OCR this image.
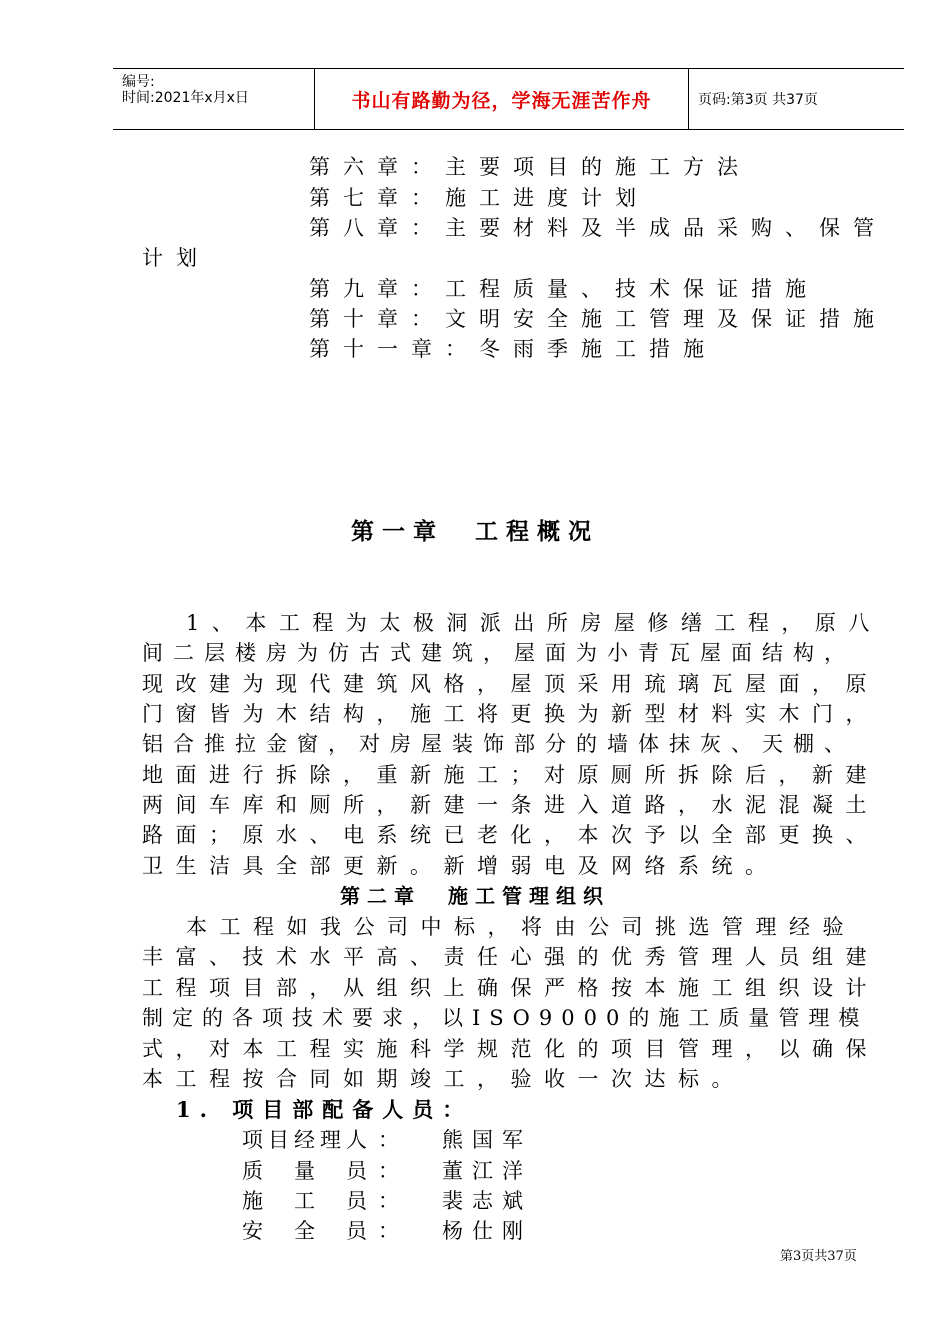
编号:
时间:2021年x月x日	书山有路勤为径，学海无涯苦作舟	页码:第3页 共37页
第六章：主要项目的施工方法
第七章：施工进度计划
第八章：主要材料及半成品采购、保管
计划
第九章：工程质量、技术保证措施
第十章：文明安全施工管理及保证措施
第十一章：冬雨季施工措施
第一章　工程概况
1、本工程为太极洞派出所房屋修缮工程，原八
间二层楼房为仿古式建筑，屋面为小青瓦屋面结构，
现改建为现代建筑风格，屋顶采用琉璃瓦屋面，原
门窗皆为木结构，施工将更换为新型材料实木门，
铝合推拉金窗，对房屋装饰部分的墙体抹灰、天棚、
地面进行拆除，重新施工；对原厕所拆除后，新建
两间车库和厕所，新建一条进入道路，水泥混凝土
路面；原水、电系统已老化，本次予以全部更换、
卫生洁具全部更新。新增弱电及网络系统。
第二章　施工管理组织
本工程如我公司中标，将由公司挑选管理经验
丰富、技术水平高、责任心强的优秀管理人员组建
工程项目部，从组织上确保严格按本施工组织设计
制定的各项技术要求，以ISO9000的施工质量管理模
式，对本工程实施科学规范化的项目管理，以确保
本工程按合同如期竣工，验收一次达标。
1. 项目部配备人员：
项目经理人 ： 熊国军
质　量　员 ： 董江洋
施　工　员 ： 裴志斌
安　全　员 ： 杨仕刚
第3页共37页
